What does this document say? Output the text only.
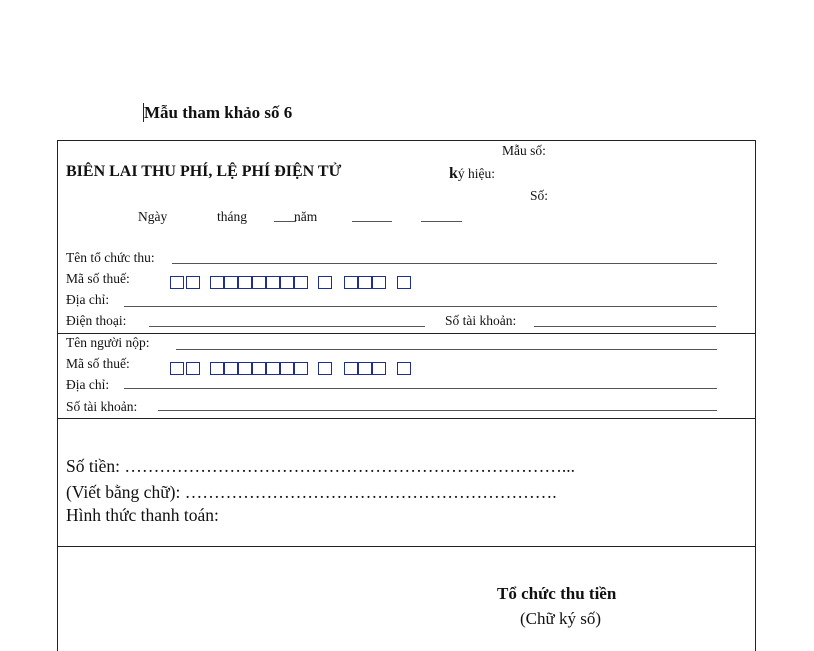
Mẫu tham khảo số 6
Mẫu số:
BIÊN LAI THU PHÍ, LỆ PHÍ ĐIỆN TỬ	ký hiệu:
Số:
Ngày	tháng	năm
Tên tổ chức thu:
Mã số thuế:
Địa chỉ:
Điện thoại:	Số tài khoản:
Tên người nộp:
Mã số thuế:
Địa chỉ:
Số tài khoản:
Số tiền: …………………………………………………………………...
(Viết bằng chữ): ……………………………………………………….
Hình thức thanh toán:
Tổ chức thu tiền
(Chữ ký số)
